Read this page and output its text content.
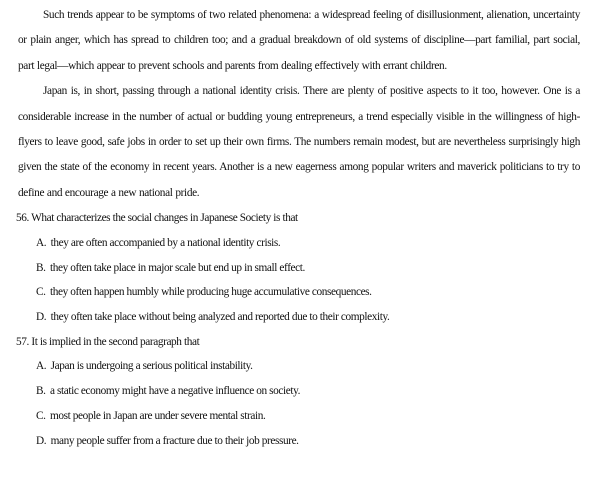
Such trends appear to be symptoms of two related phenomena: a widespread feeling of disillusionment, alienation, uncertainty or plain anger, which has spread to children too; and a gradual breakdown of old systems of discipline—part familial, part social, part legal—which appear to prevent schools and parents from dealing effectively with errant children.

Japan is, in short, passing through a national identity crisis. There are plenty of positive aspects to it too, however. One is a considerable increase in the number of actual or budding young entrepreneurs, a trend especially visible in the willingness of high-flyers to leave good, safe jobs in order to set up their own firms. The numbers remain modest, but are nevertheless surprisingly high given the state of the economy in recent years. Another is a new eagerness among popular writers and maverick politicians to try to define and encourage a new national pride.

56. What characterizes the social changes in Japanese Society is that

A. they are often accompanied by a national identity crisis.
B. they often take place in major scale but end up in small effect.
C. they often happen humbly while producing huge accumulative consequences.
D. they often take place without being analyzed and reported due to their complexity.

57. It is implied in the second paragraph that

A. Japan is undergoing a serious political instability.
B. a static economy might have a negative influence on society.
C. most people in Japan are under severe mental strain.
D. many people suffer from a fracture due to their job pressure.
